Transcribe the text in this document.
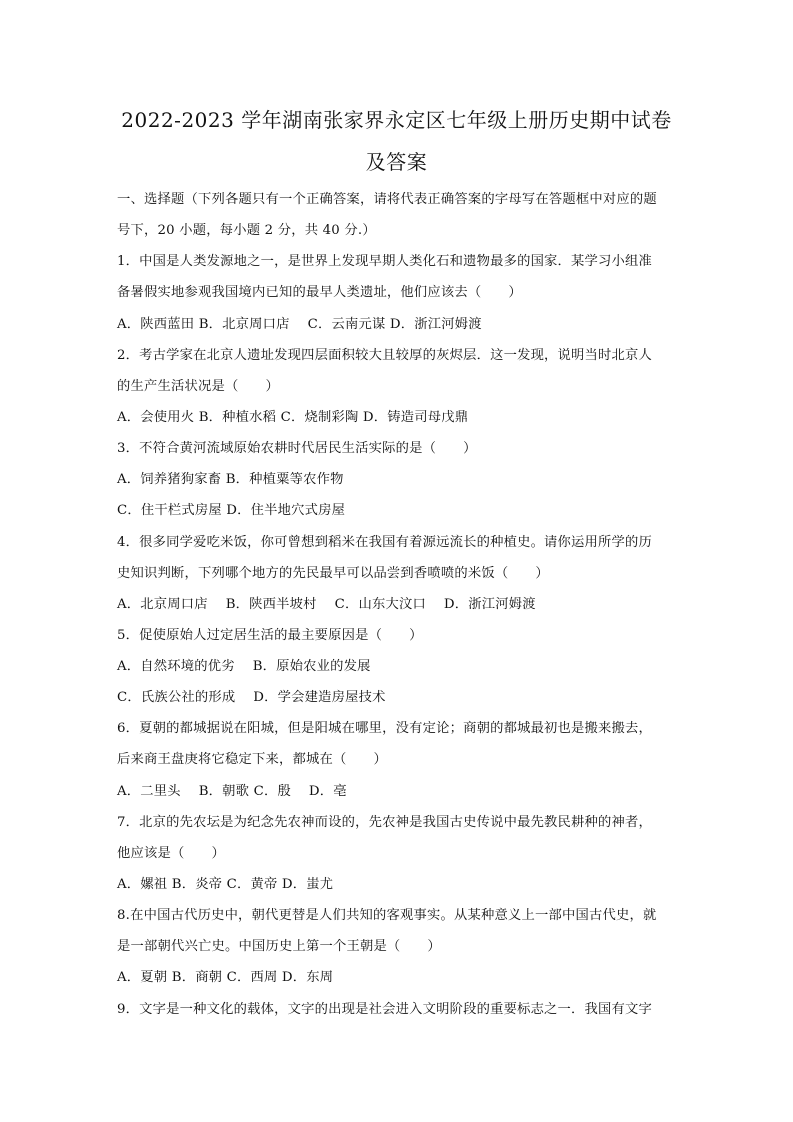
2022-2023 学年湖南张家界永定区七年级上册历史期中试卷
及答案
一、选择题（下列各题只有一个正确答案，请将代表正确答案的字母写在答题框中对应的题
号下，20 小题，每小题 2 分，共 40 分.）
1．中国是人类发源地之一，是世界上发现早期人类化石和遗物最多的国家．某学习小组准
备暑假实地参观我国境内已知的最早人类遗址，他们应该去（　　）
A．陕西蓝田 B．北京周口店　 C．云南元谋 D．浙江河姆渡
2．考古学家在北京人遗址发现四层面积较大且较厚的灰烬层．这一发现，说明当时北京人
的生产生活状况是（　　）
A．会使用火 B．种植水稻 C．烧制彩陶 D．铸造司母戊鼎
3．不符合黄河流域原始农耕时代居民生活实际的是（　　）
A．饲养猪狗家畜 B．种植粟等农作物
C．住干栏式房屋 D．住半地穴式房屋
4．很多同学爱吃米饭，你可曾想到稻米在我国有着源远流长的种植史。请你运用所学的历
史知识判断，下列哪个地方的先民最早可以品尝到香喷喷的米饭（　　）
A．北京周口店　 B．陕西半坡村　 C．山东大汶口　 D．浙江河姆渡
5．促使原始人过定居生活的最主要原因是（　　）
A．自然环境的优劣　 B．原始农业的发展
C．氏族公社的形成　 D．学会建造房屋技术
6．夏朝的都城据说在阳城，但是阳城在哪里，没有定论；商朝的都城最初也是搬来搬去，
后来商王盘庚将它稳定下来，都城在（　　）
A．二里头　 B．朝歌 C．殷　 D．亳
7．北京的先农坛是为纪念先农神而设的，先农神是我国古史传说中最先教民耕种的神者，
他应该是（　　）
A．嫘祖 B．炎帝 C．黄帝 D．蚩尤
8.在中国古代历史中，朝代更替是人们共知的客观事实。从某种意义上一部中国古代史，就
是一部朝代兴亡史。中国历史上第一个王朝是（　　）
A．夏朝 B．商朝 C．西周 D．东周
9．文字是一种文化的载体，文字的出现是社会进入文明阶段的重要标志之一．我国有文字
